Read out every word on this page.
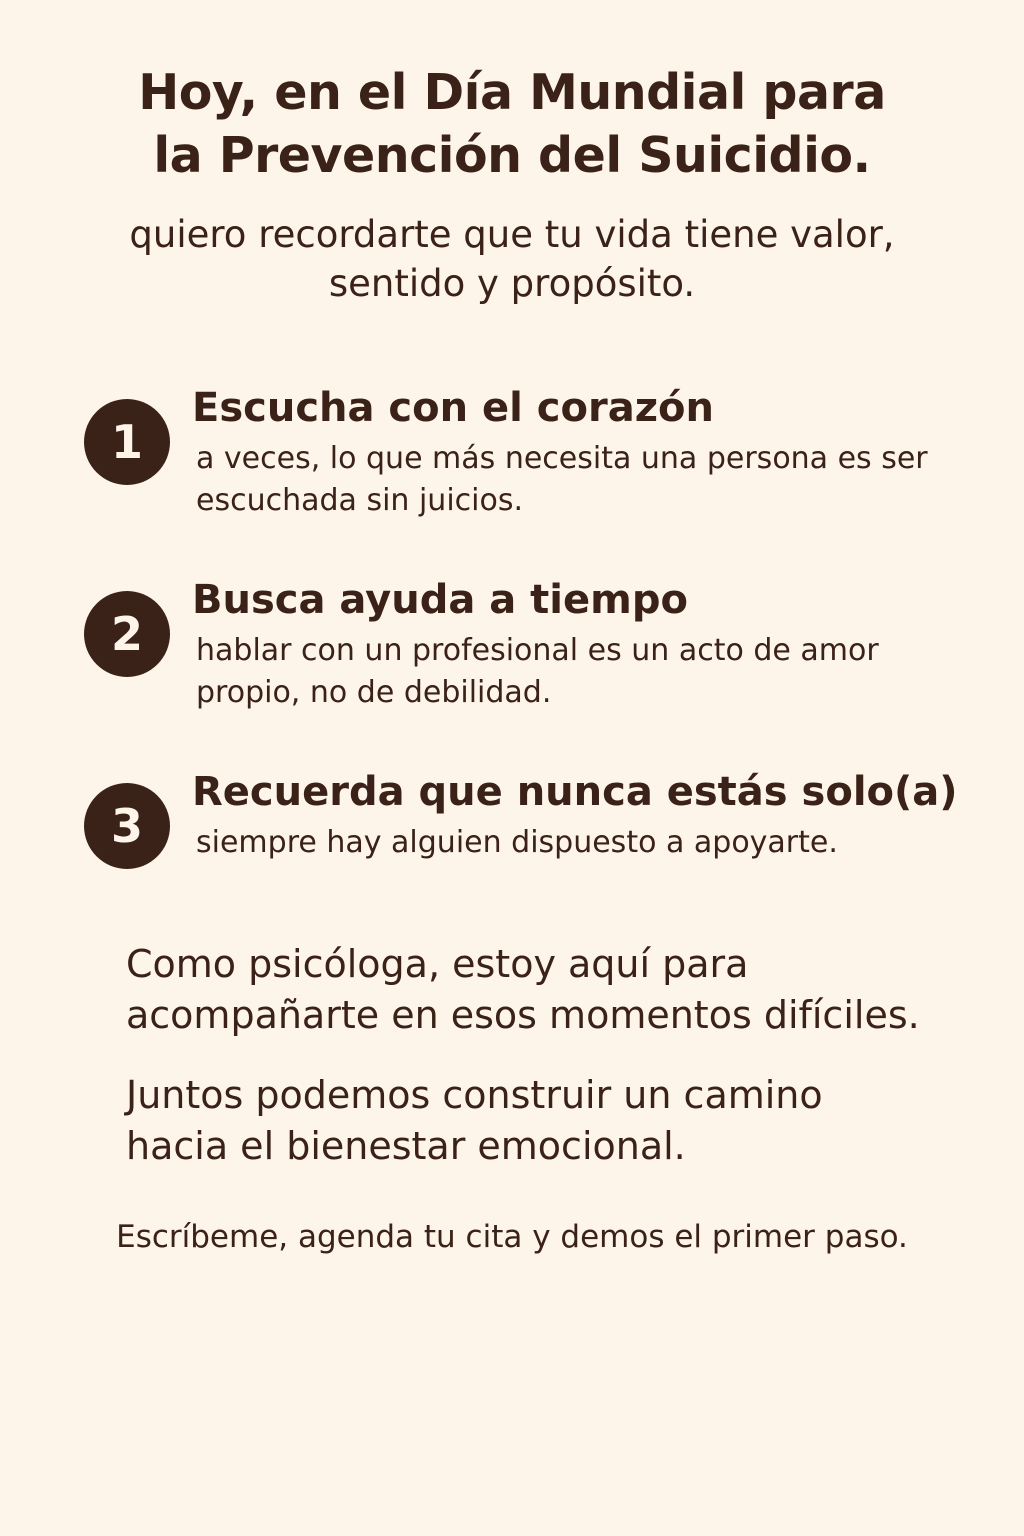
Hoy, en el Día Mundial para
la Prevención del Suicidio.
quiero recordarte que tu vida tiene valor,
sentido y propósito.
1

Escucha con el corazón

a veces, lo que más necesita una persona es ser escuchada sin juicios.

2

Busca ayuda a tiempo

hablar con un profesional es un acto de amor propio, no de debilidad.

3

Recuerda que nunca estás solo(a)

siempre hay alguien dispuesto a apoyarte.

Como psicóloga, estoy aquí para acompañarte en esos momentos difíciles.

Juntos podemos construir un camino hacia el bienestar emocional.

Escríbeme, agenda tu cita y demos el primer paso.
